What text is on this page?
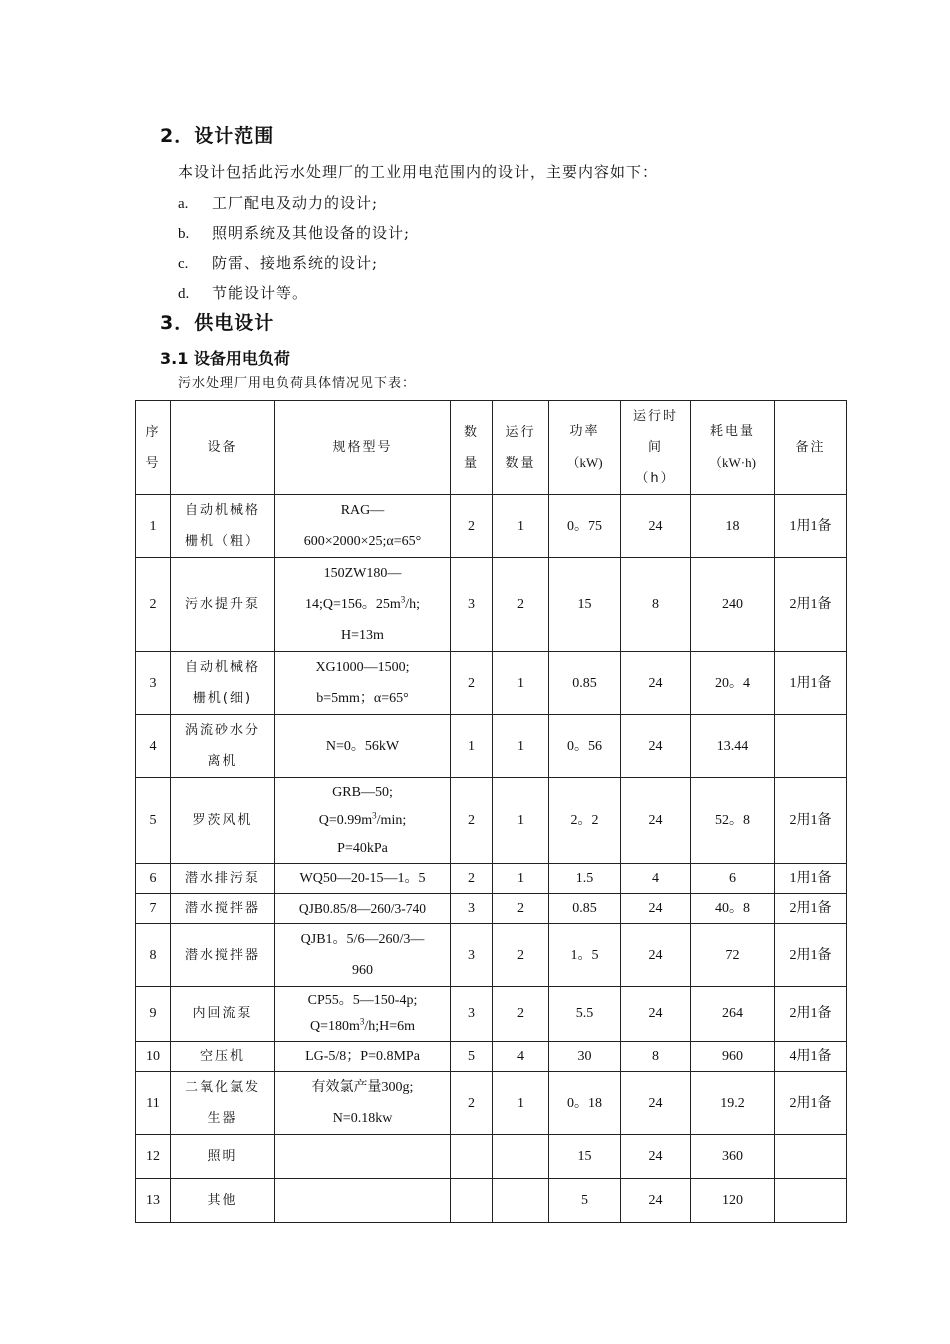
2．设计范围

本设计包括此污水处理厂的工业用电范围内的设计，主要内容如下：

a. 工厂配电及动力的设计;

b. 照明系统及其他设备的设计;

c. 防雷、接地系统的设计;

d. 节能设计等。

3．供电设计
3.1 设备用电负荷

污水处理厂用电负荷具体情况见下表：

序
号	设备	规格型号	数
量	运行
数量	功率
（kW)	运行时
间
（h）	耗电量
（kW·h)	备注
1	自动机械格
栅机（粗）	RAG—
600×2000×25;α=65°	2	1	0。75	24	18	1用1备
2	污水提升泵	150ZW180—
14;Q=156。$25m^3/h$;
H=13m	3	2	15	8	240	2用1备
3	自动机械格
栅机(细)	XG1000—1500;
b=5mm；α=65°	2	1	0.85	24	20。4	1用1备
4	涡流砂水分
离机	N=0。56kW	1	1	0。56	24	13.44	
5	罗茨风机	GRB—50;
$Q=0.99m^3/\min$;
P=40kPa	2	1	2。2	24	52。8	2用1备
6	潜水排污泵	WQ50—20-15—1。5	2	1	1.5	4	6	1用1备
7	潜水搅拌器	QJB0.85/8—260/3-740	3	2	0.85	24	40。8	2用1备
8	潜水搅拌器	QJB1。5/6—260/3—
960	3	2	1。5	24	72	2用1备
9	内回流泵	CP55。5—150-4p;
$Q=180m^3/h;H=6m$	3	2	5.5	24	264	2用1备
10	空压机	LG-5/8；P=0.8MPa	5	4	30	8	960	4用1备
11	二氧化氯发
生器	有效氯产量300g;
N=0.18kw	2	1	0。18	24	19.2	2用1备
12	照明				15	24	360	
13	其他				5	24	120	
